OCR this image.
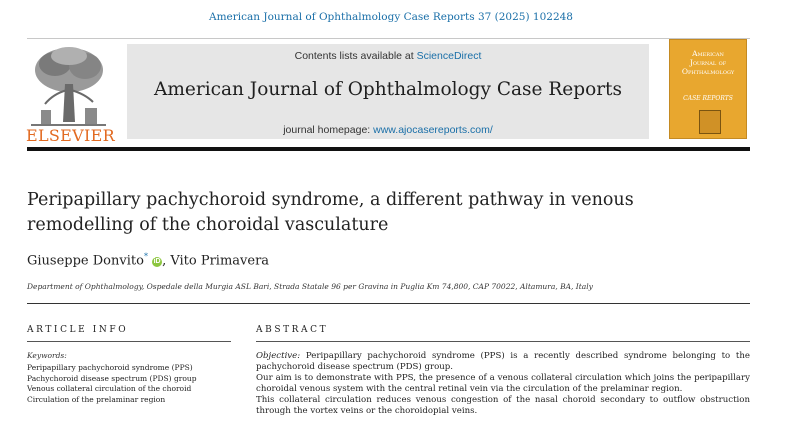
American Journal of Ophthalmology Case Reports 37 (2025) 102248
ELSEVIER
Contents lists available at ScienceDirect
American Journal of Ophthalmology Case Reports
journal homepage: www.ajocasereports.com/
American
Journal of
Ophthalmology
CASE REPORTS
Peripapillary pachychoroid syndrome, a different pathway in venous remodelling of the choroidal vasculature
Giuseppe Donvito* iD , Vito Primavera
Department of Ophthalmology, Ospedale della Murgia ASL Bari, Strada Statale 96 per Gravina in Puglia Km 74,800, CAP 70022, Altamura, BA, Italy
ARTICLE INFO
Keywords:
Peripapillary pachychoroid syndrome (PPS)
Pachychoroid disease spectrum (PDS) group
Venous collateral circulation of the choroid
Circulation of the prelaminar region
ABSTRACT

Objective: Peripapillary pachychoroid syndrome (PPS) is a recently described syndrome belonging to the pachychoroid disease spectrum (PDS) group.

Our aim is to demonstrate with PPS, the presence of a venous collateral circulation which joins the peripapillary choroidal venous system with the central retinal vein via the circulation of the prelaminar region.

This collateral circulation reduces venous congestion of the nasal choroid secondary to outflow obstruction through the vortex veins or the choroidopial veins.
